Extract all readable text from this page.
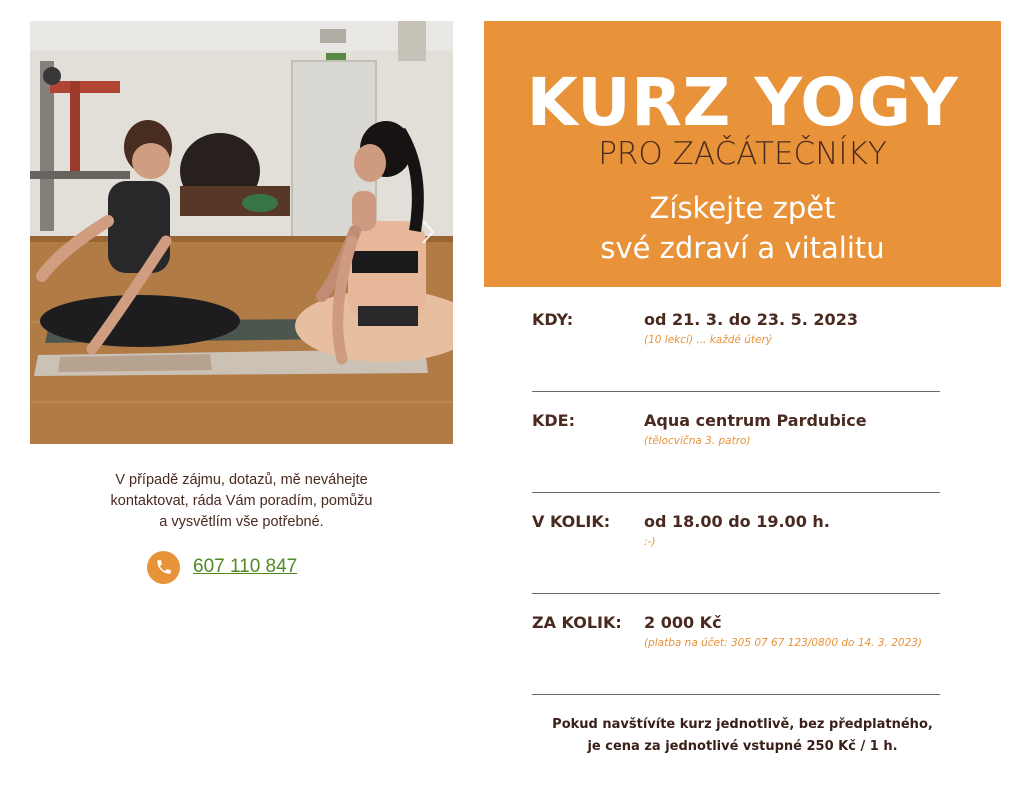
V případě zájmu, dotazů, mě neváhejte
kontaktovat, ráda Vám poradím, pomůžu
a vysvětlím vše potřebné.

607 110 847
KURZ YOGY
PRO ZAČÁTEČNÍKY
Získejte zpět
své zdraví a vitalitu
KDY:	od 21. 3. do 23. 5. 2023
(10 lekcí) ... každé úterý
KDE:	Aqua centrum Pardubice
(tělocvična 3. patro)
V KOLIK: od 18.00 do 19.00 h.
:-)
ZA KOLIK: 2 000 Kč
(platba na účet: 305 07 67 123/0800 do 14. 3. 2023)

Pokud navštívíte kurz jednotlivě, bez předplatného,
je cena za jednotlivé vstupné 250 Kč / 1 h.
